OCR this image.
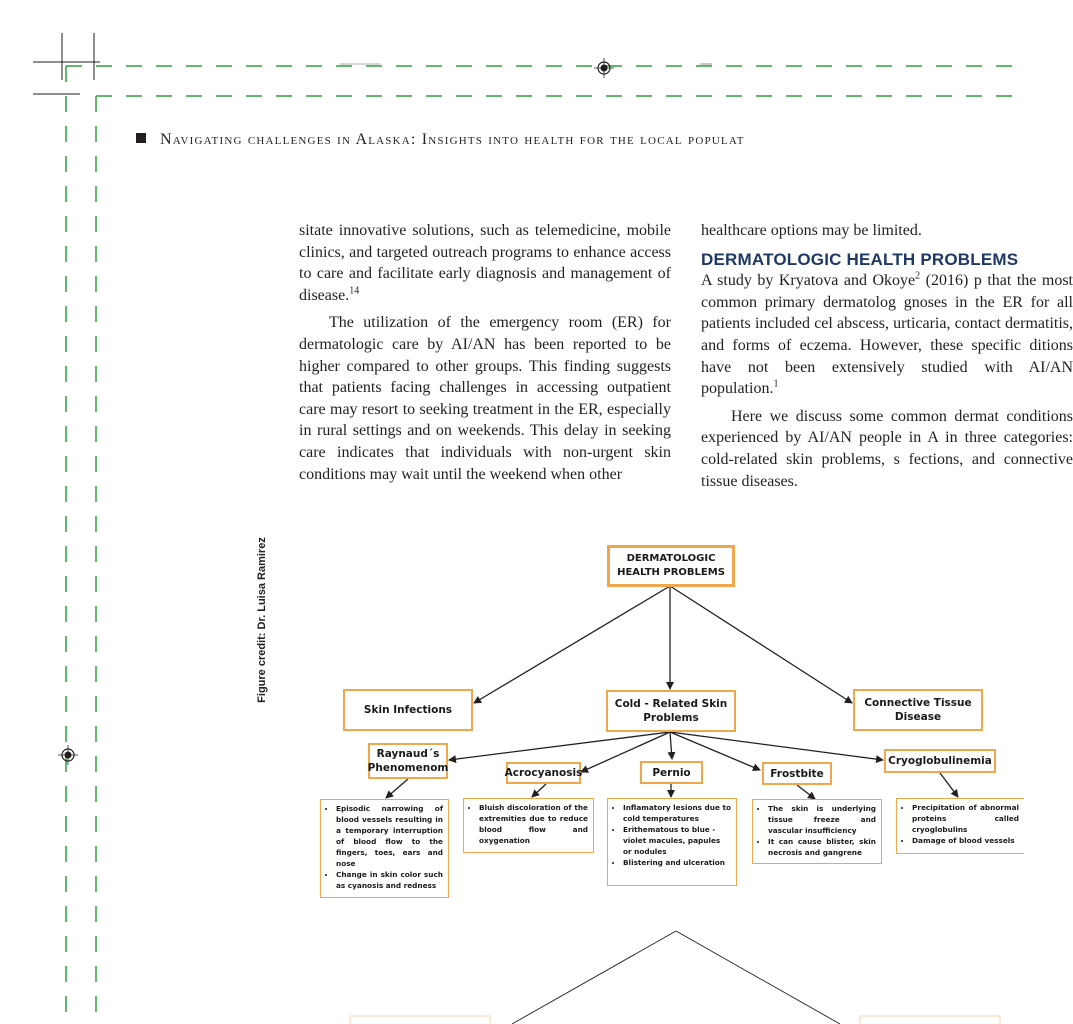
Navigating challenges in Alaska: Insights into health for the local populat

sitate innovative solutions, such as telemedicine, mobile clinics, and targeted outreach programs to enhance access to care and facilitate early diagnosis and management of disease.$^{14}$

The utilization of the emergency room (ER) for dermatologic care by AI/AN has been reported to be higher compared to other groups. This finding suggests that patients facing challenges in accessing outpatient care may resort to seeking treatment in the ER, especially in rural settings and on weekends. This delay in seeking care indicates that individuals with non-urgent skin conditions may wait until the weekend when other

healthcare options may be limited.

DERMATOLOGIC HEALTH PROBLEMS

A study by Kryatova and Okoye$^2$ (2016) p that the most common primary dermatolog gnoses in the ER for all patients included cel abscess, urticaria, contact dermatitis, and forms of eczema. However, these specific ditions have not been extensively studied with AI/AN population.$^1$

Here we discuss some common dermat conditions experienced by AI/AN people in A in three categories: cold-related skin problems, s fections, and connective tissue diseases.

Figure credit: Dr. Luisa Ramirez	DERMATOLOGIC HEALTH PROBLEMS
Skin Infections	Cold - Related Skin Problems
Connective Tissue Disease
Raynaud´s Phenomenom	Acrocyanosis	Pernio	Frostbite
Cryoglobulinemia
• Episodic narrowing of blood vessels resulting in a temporary interruption of blood flow to the fingers, toes, ears and nose
• Change in skin color such as cyanosis and redness
• Bluish discoloration of the extremities due to reduce blood flow and oxygenation
• Inflamatory lesions due to cold temperatures
• Erithematous to blue - violet macules, papules or nodules
• Blistering and ulceration
• The skin is underlying tissue freeze and vascular insufficiency
• It can cause blister, skin necrosis and gangrene
• Precipitation of abnormal proteins called cryoglobulins
• Damage of blood vessels
